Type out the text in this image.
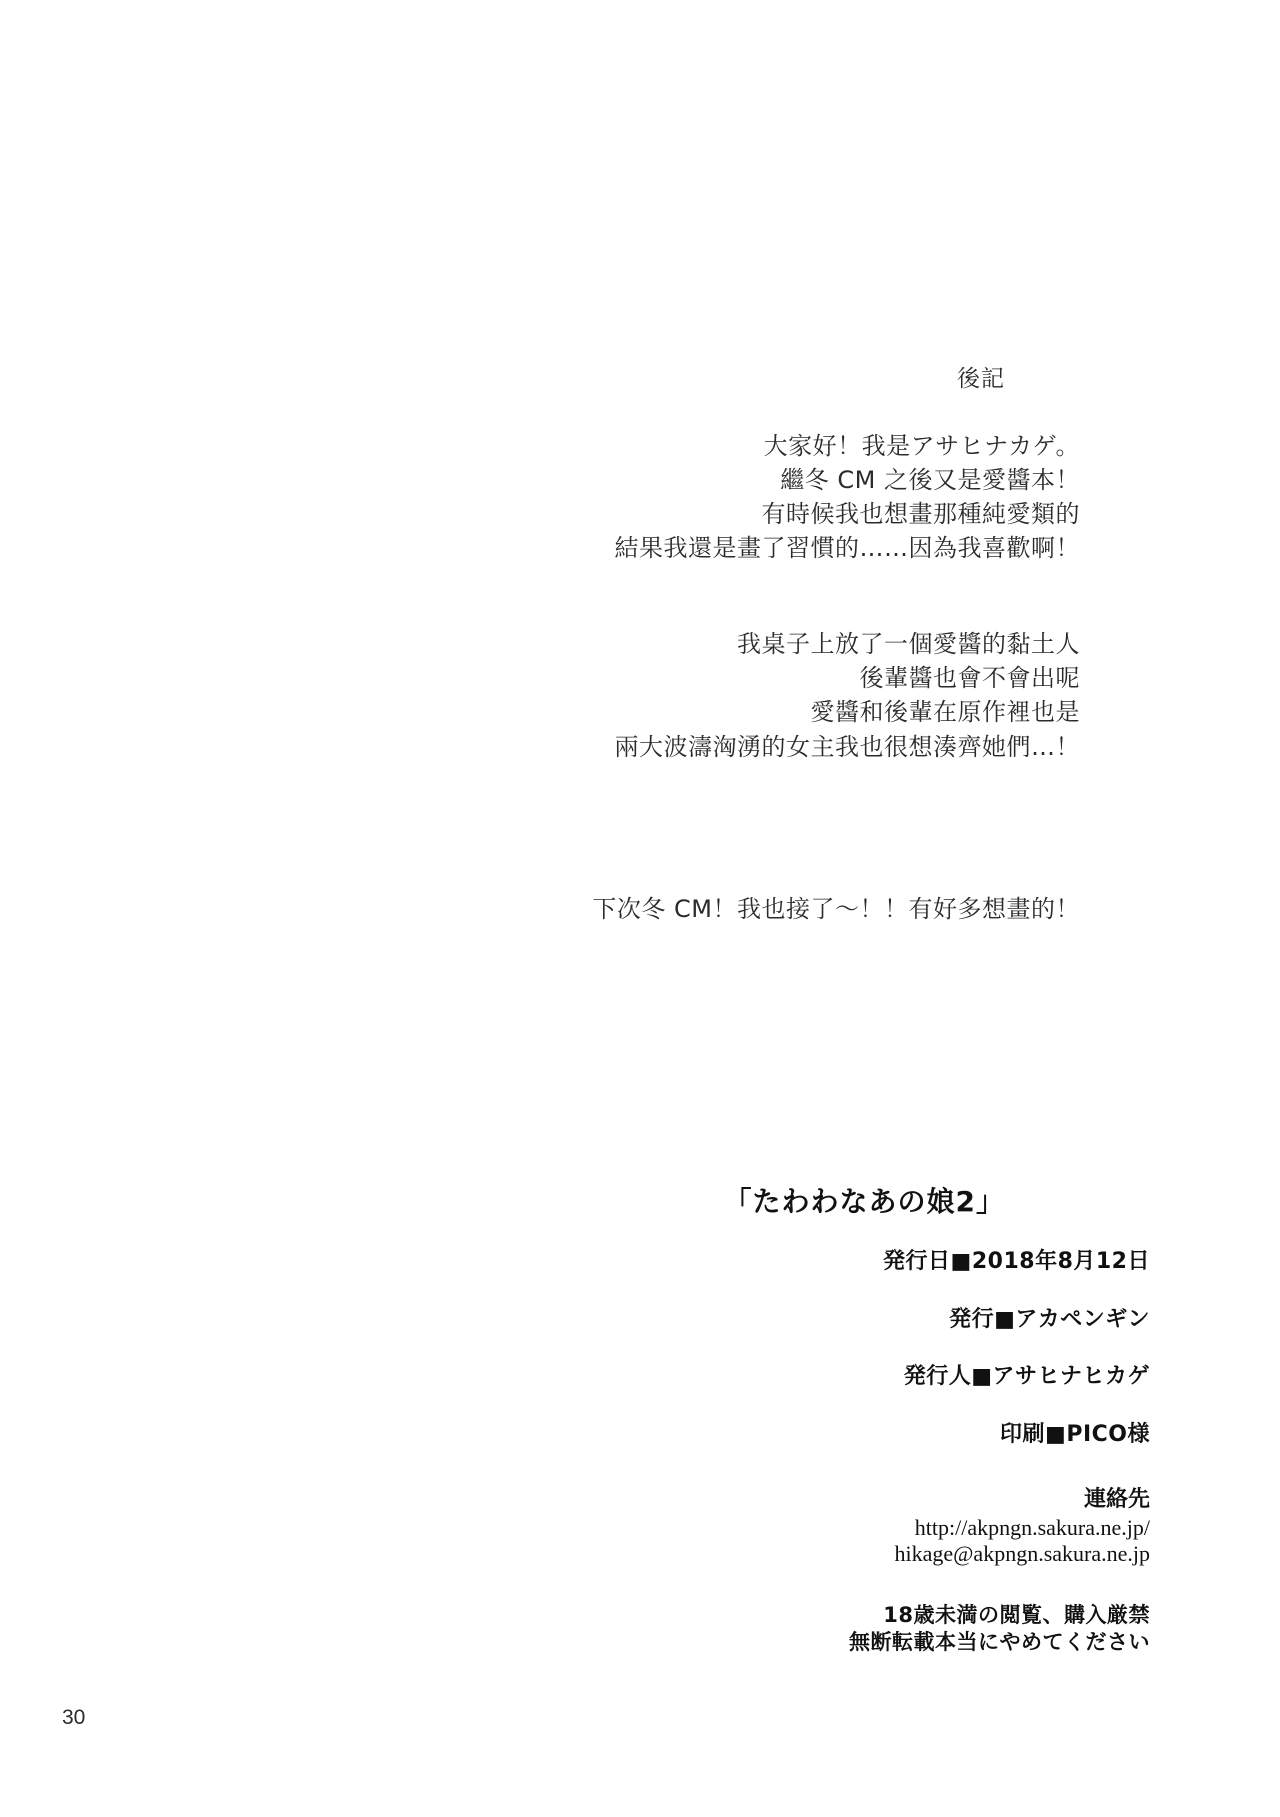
後記
大家好！我是アサヒナカゲ。
繼冬 CM 之後又是愛醬本！
有時候我也想畫那種純愛類的
結果我還是畫了習慣的……因為我喜歡啊！
我桌子上放了一個愛醬的黏土人
後輩醬也會不會出呢
愛醬和後輩在原作裡也是
兩大波濤洶湧的女主我也很想湊齊她們…！
下次冬 CM！我也接了～！！有好多想畫的！
「たわわなあの娘2」
発行日■2018年8月12日
発行■アカペンギン
発行人■アサヒナヒカゲ
印刷■PICO様
連絡先
http://akpngn.sakura.ne.jp/
hikage@akpngn.sakura.ne.jp
18歳未満の閲覧、購入厳禁
無断転載本当にやめてください
30
